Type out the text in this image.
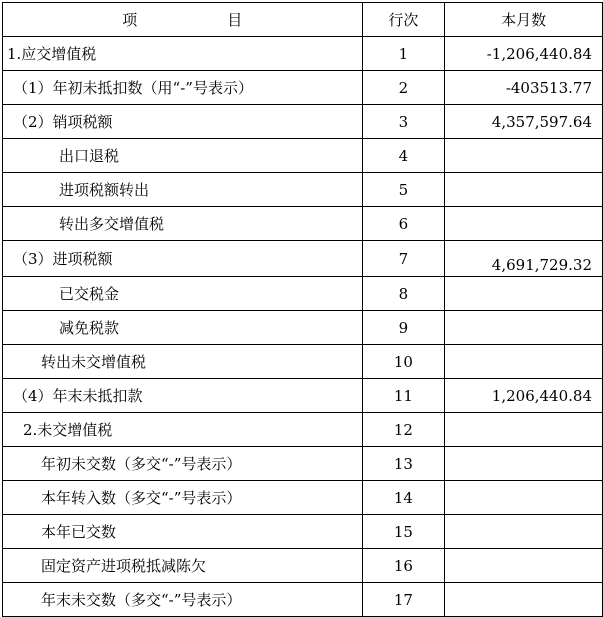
项　　　　　　目	行次	本月数
1.应交增值税	1	-1,206,440.84
（1）年初未抵扣数（用“-”号表示）	2	-403513.77
（2）销项税额	3	4,357,597.64
出口退税	4	
进项税额转出	5	
转出多交增值税	6	
（3）进项税额	7	4,691,729.32
已交税金	8	
减免税款	9	
转出未交增值税	10	
（4）年末未抵扣款	11	1,206,440.84
2.未交增值税	12	
年初未交数（多交“-”号表示）	13	
本年转入数（多交“-”号表示）	14	
本年已交数	15	
固定资产进项税抵减陈欠	16	
年末未交数（多交“-”号表示）	17	
